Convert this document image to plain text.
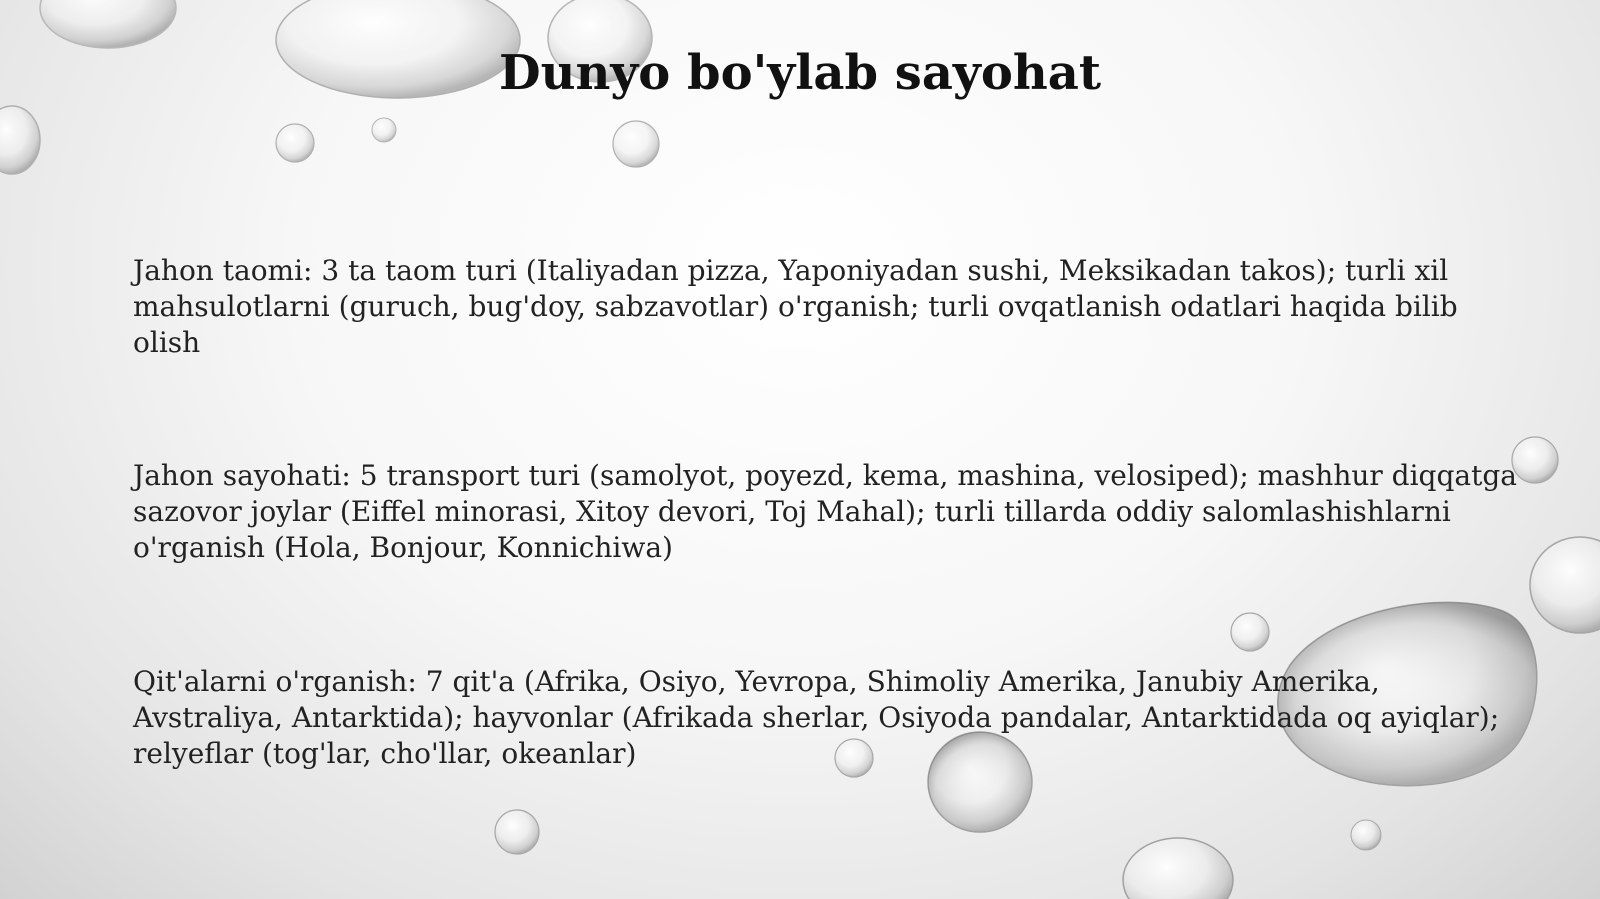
Dunyo bo'ylab sayohat

Jahon taomi: 3 ta taom turi (Italiyadan pizza, Yaponiyadan sushi, Meksikadan takos); turli xil mahsulotlarni (guruch, bug'doy, sabzavotlar) o'rganish; turli ovqatlanish odatlari haqida bilib olish

Jahon sayohati: 5 transport turi (samolyot, poyezd, kema, mashina, velosiped); mashhur diqqatga sazovor joylar (Eiffel minorasi, Xitoy devori, Toj Mahal); turli tillarda oddiy salomlashishlarni o'rganish (Hola, Bonjour, Konnichiwa)

Qit'alarni o'rganish: 7 qit'a (Afrika, Osiyo, Yevropa, Shimoliy Amerika, Janubiy Amerika, Avstraliya, Antarktida); hayvonlar (Afrikada sherlar, Osiyoda pandalar, Antarktidada oq ayiqlar); relyeflar (tog'lar, cho'llar, okeanlar)
